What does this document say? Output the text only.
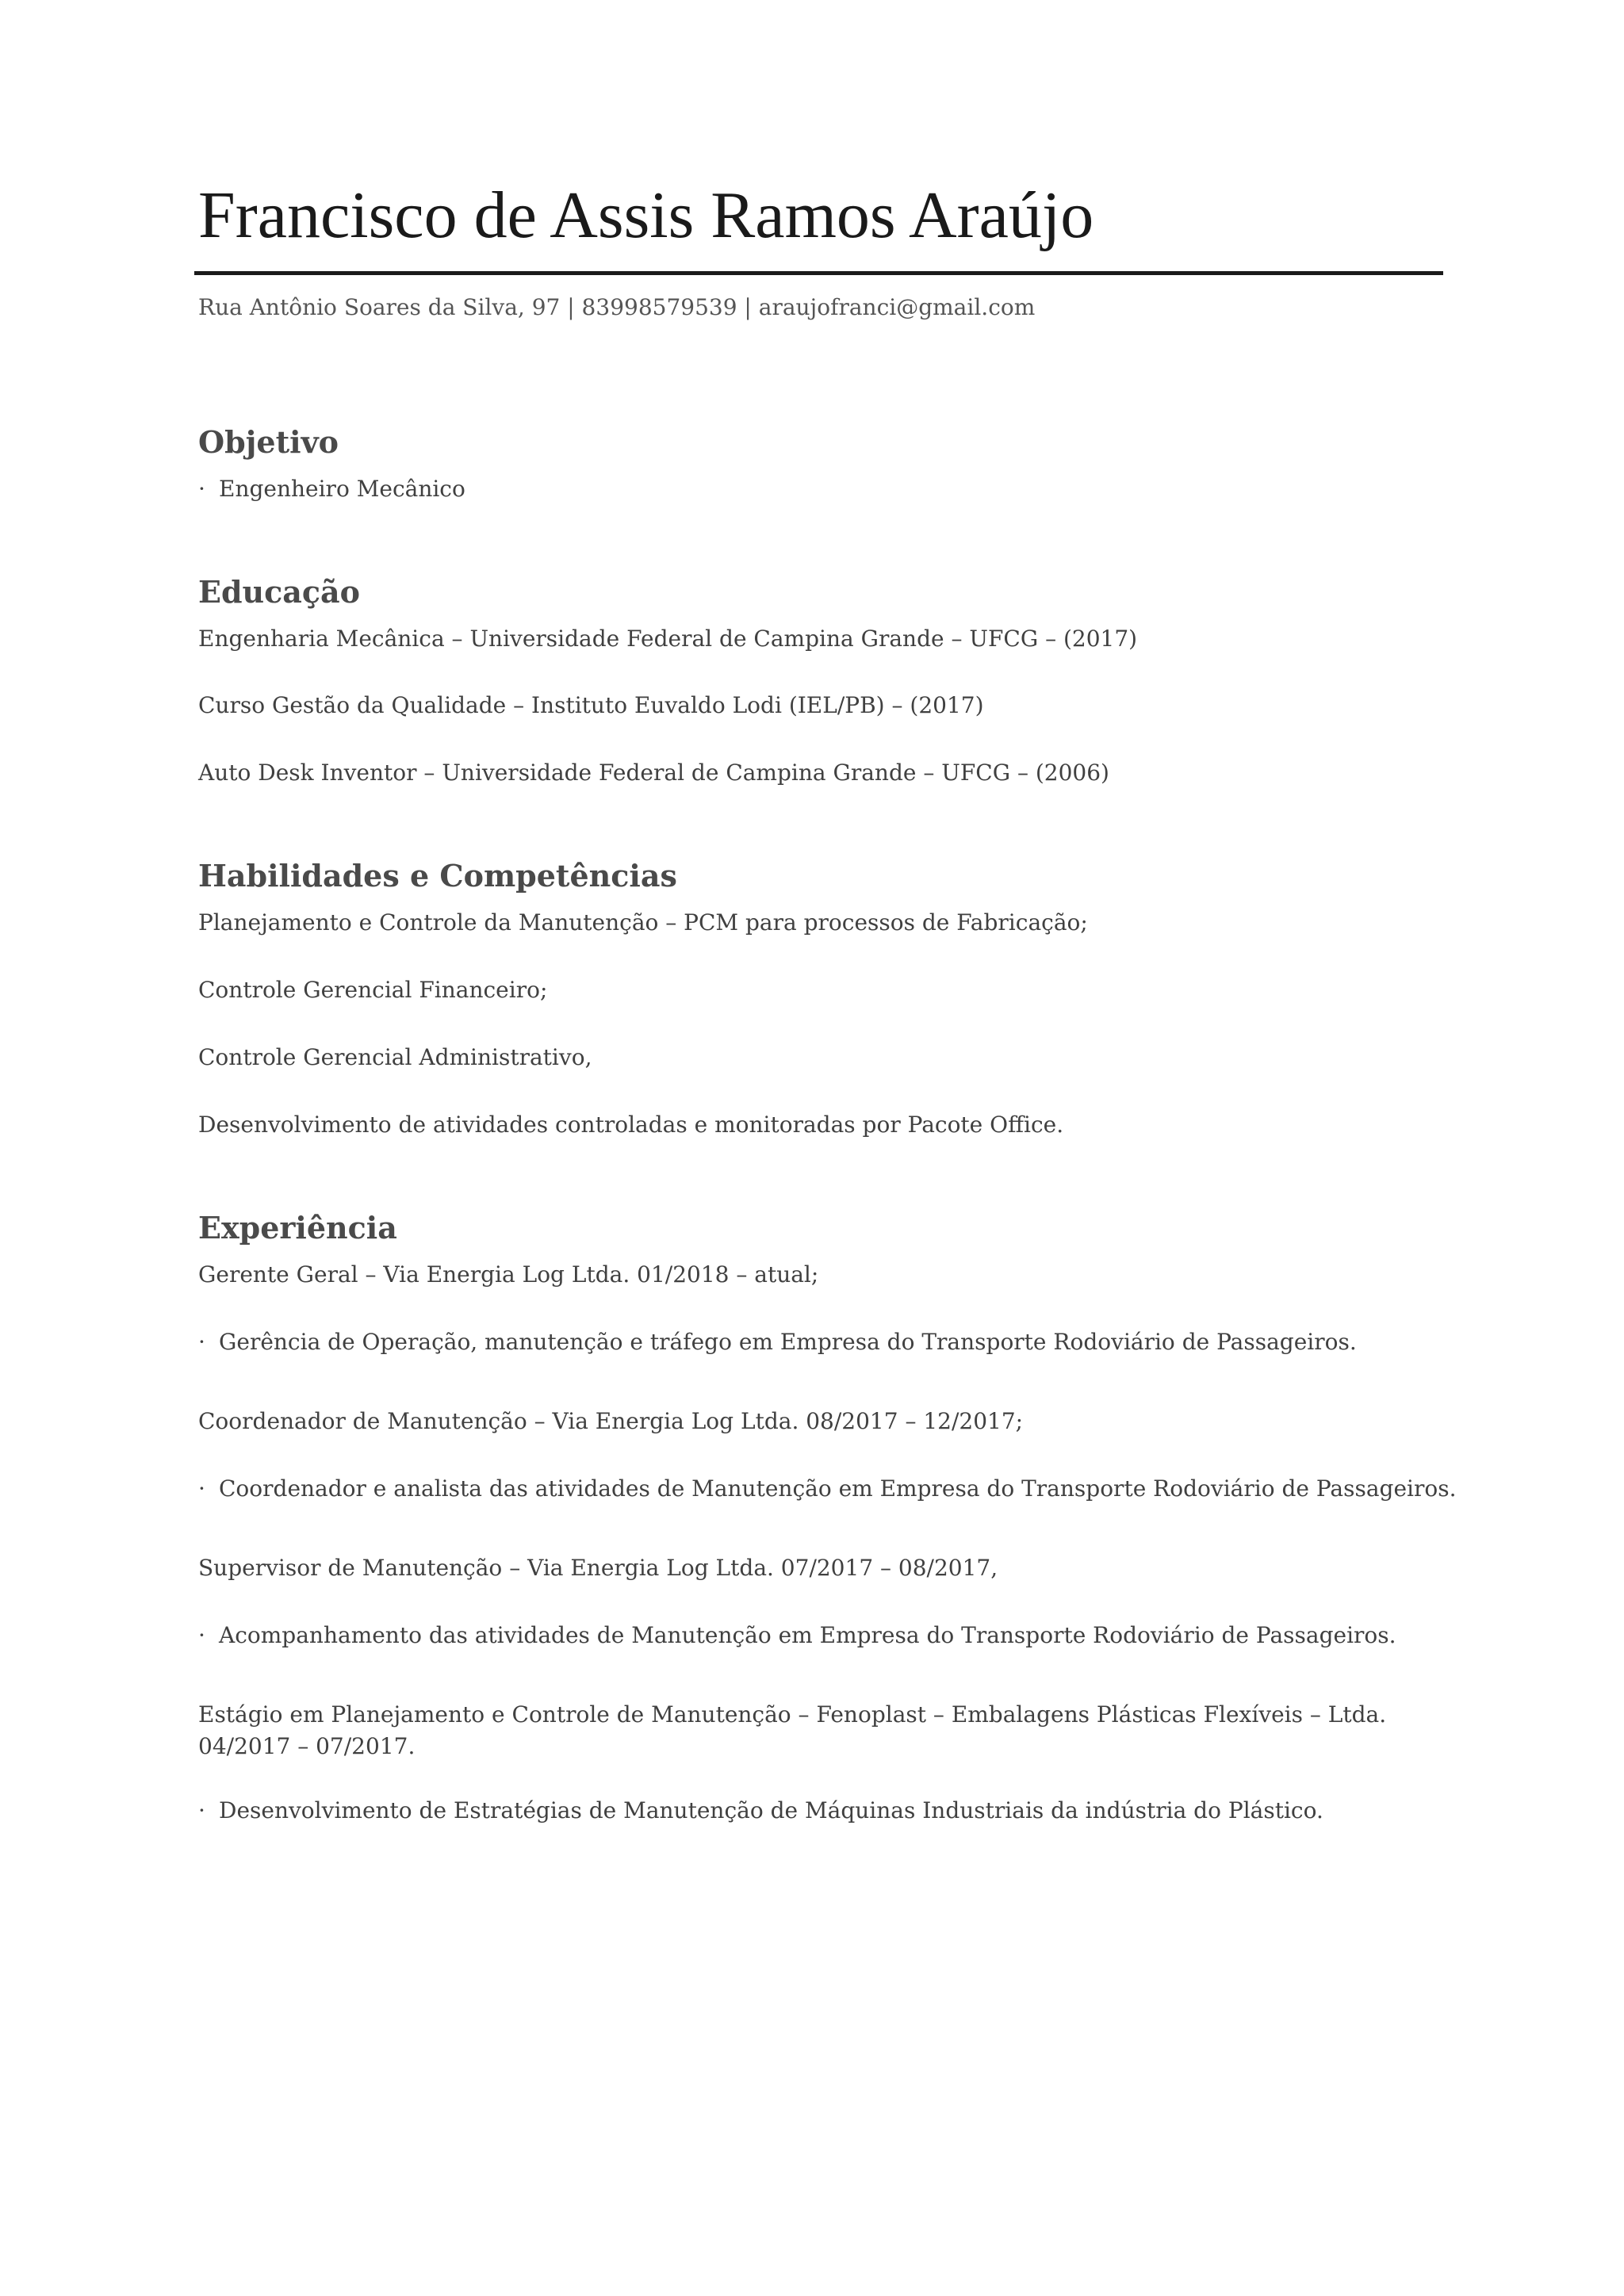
Francisco de Assis Ramos Araújo
Rua Antônio Soares da Silva, 97 | 83998579539 | araujofranci@gmail.com
Objetivo
· Engenheiro Mecânico
Educação
Engenharia Mecânica – Universidade Federal de Campina Grande – UFCG – (2017)
Curso Gestão da Qualidade – Instituto Euvaldo Lodi (IEL/PB) – (2017)
Auto Desk Inventor – Universidade Federal de Campina Grande – UFCG – (2006)
Habilidades e Competências
Planejamento e Controle da Manutenção – PCM para processos de Fabricação;
Controle Gerencial Financeiro;
Controle Gerencial Administrativo,
Desenvolvimento de atividades controladas e monitoradas por Pacote Office.
Experiência
Gerente Geral – Via Energia Log Ltda. 01/2018 – atual;
· Gerência de Operação, manutenção e tráfego em Empresa do Transporte Rodoviário de Passageiros.
Coordenador de Manutenção – Via Energia Log Ltda. 08/2017 – 12/2017;
· Coordenador e analista das atividades de Manutenção em Empresa do Transporte Rodoviário de Passageiros.
Supervisor de Manutenção – Via Energia Log Ltda. 07/2017 – 08/2017,
· Acompanhamento das atividades de Manutenção em Empresa do Transporte Rodoviário de Passageiros.
Estágio em Planejamento e Controle de Manutenção – Fenoplast – Embalagens Plásticas Flexíveis – Ltda. 04/2017 – 07/2017.
· Desenvolvimento de Estratégias de Manutenção de Máquinas Industriais da indústria do Plástico.
